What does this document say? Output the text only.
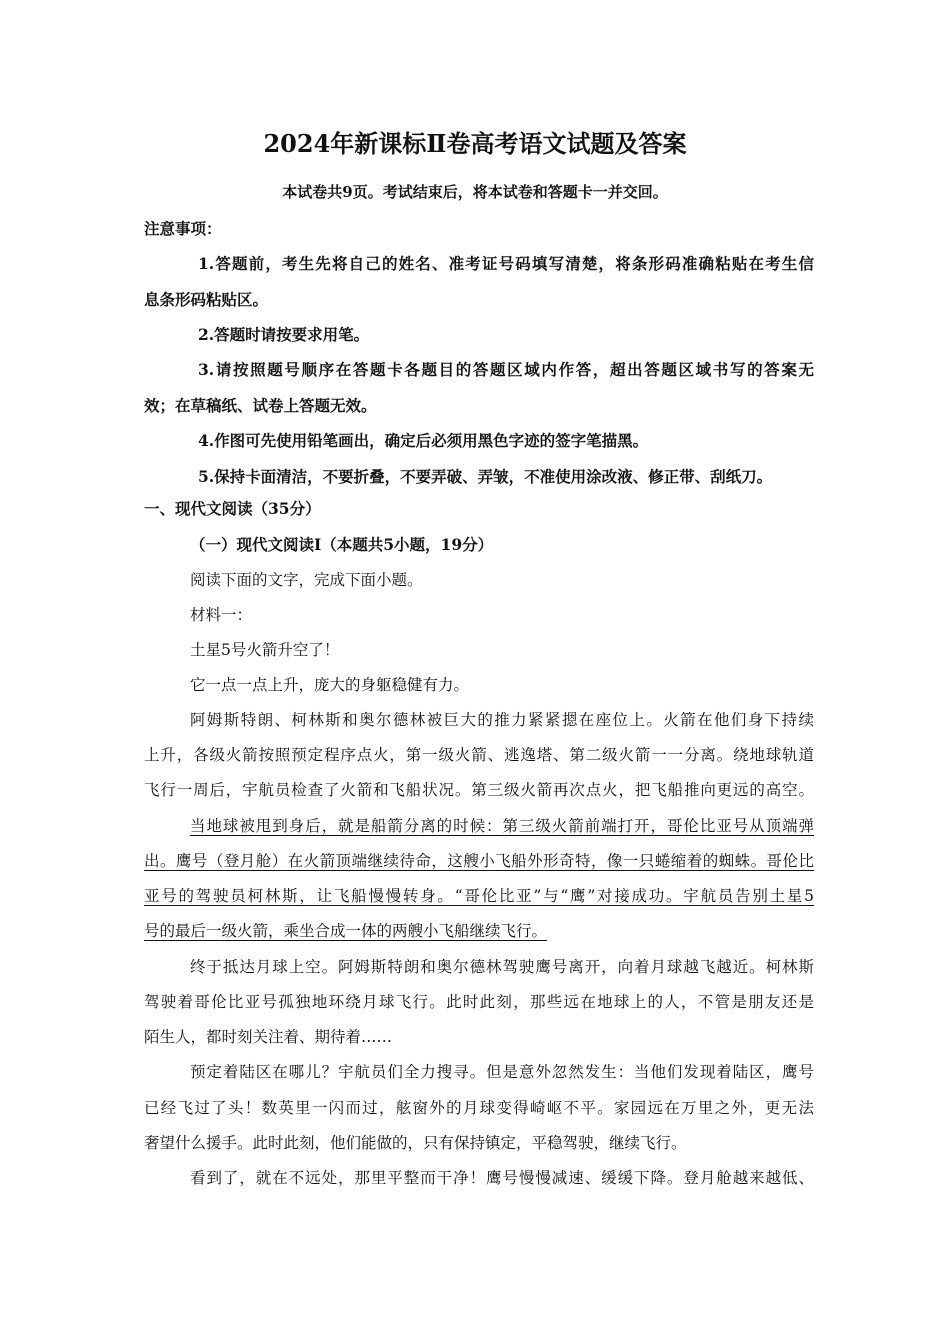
2024年新课标Ⅱ卷高考语文试题及答案
本试卷共9页。考试结束后，将本试卷和答题卡一并交回。
注意事项：
1.答题前，考生先将自己的姓名、准考证号码填写清楚，将条形码准确粘贴在考生信
息条形码粘贴区。
2.答题时请按要求用笔。
3.请按照题号顺序在答题卡各题目的答题区域内作答，超出答题区域书写的答案无
效；在草稿纸、试卷上答题无效。
4.作图可先使用铅笔画出，确定后必须用黑色字迹的签字笔描黑。
5.保持卡面清洁，不要折叠，不要弄破、弄皱，不准使用涂改液、修正带、刮纸刀。
一、现代文阅读（35分）
（一）现代文阅读Ⅰ（本题共5小题，19分）
阅读下面的文字，完成下面小题。
材料一：
土星5号火箭升空了！
它一点一点上升，庞大的身躯稳健有力。
阿姆斯特朗、柯林斯和奥尔德林被巨大的推力紧紧摁在座位上。火箭在他们身下持续
上升，各级火箭按照预定程序点火，第一级火箭、逃逸塔、第二级火箭一一分离。绕地球轨道
飞行一周后，宇航员检查了火箭和飞船状况。第三级火箭再次点火，把飞船推向更远的高空。
当地球被甩到身后，就是船箭分离的时候：第三级火箭前端打开，哥伦比亚号从顶端弹
出。鹰号（登月舱）在火箭顶端继续待命，这艘小飞船外形奇特，像一只蜷缩着的蜘蛛。哥伦比
亚号的驾驶员柯林斯，让飞船慢慢转身。“哥伦比亚”与“鹰”对接成功。宇航员告别土星5
号的最后一级火箭，乘坐合成一体的两艘小飞船继续飞行。
终于抵达月球上空。阿姆斯特朗和奥尔德林驾驶鹰号离开，向着月球越飞越近。柯林斯
驾驶着哥伦比亚号孤独地环绕月球飞行。此时此刻，那些远在地球上的人，不管是朋友还是
陌生人，都时刻关注着、期待着……
预定着陆区在哪儿？宇航员们全力搜寻。但是意外忽然发生：当他们发现着陆区，鹰号
已经飞过了头！数英里一闪而过，舷窗外的月球变得崎岖不平。家园远在万里之外，更无法
奢望什么援手。此时此刻，他们能做的，只有保持镇定，平稳驾驶，继续飞行。
看到了，就在不远处，那里平整而干净！鹰号慢慢减速、缓缓下降。登月舱越来越低、
